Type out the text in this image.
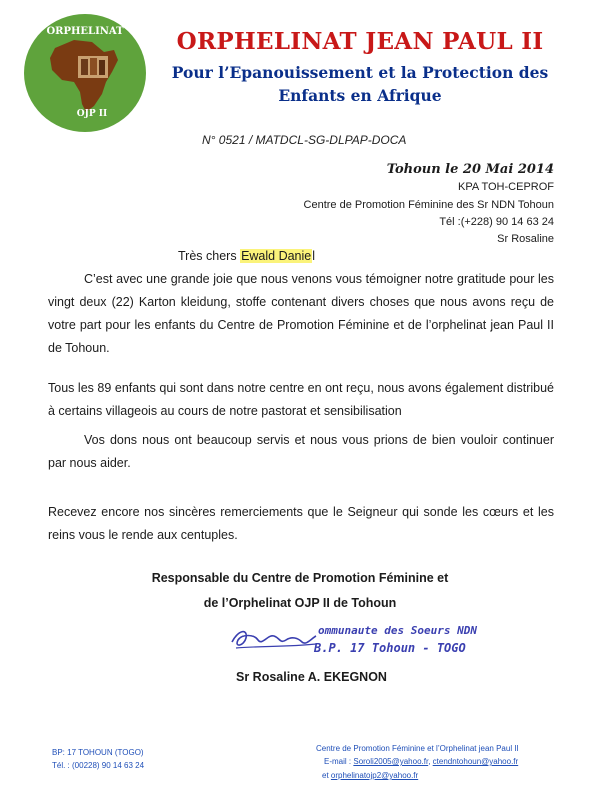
ORPHELINAT
OJP II
ORPHELINAT JEAN PAUL II
Pour l’Epanouissement et la Protection des
Enfants en Afrique
N° 0521 / MATDCL-SG-DLPAP-DOCA
Tohoun le 20 Mai 2014
KPA TOH-CEPROF
Centre de Promotion Féminine des Sr NDN Tohoun
Tél :(+228) 90 14 63 24
Sr Rosaline
Très chers Ewald Daniel
C’est avec une grande joie que nous venons vous témoigner notre gratitude pour les vingt deux (22) Karton kleidung, stoffe contenant divers choses que nous avons reçu de votre part pour les enfants du Centre de Promotion Féminine et de l’orphelinat jean Paul II de Tohoun.
Tous les 89 enfants qui sont dans notre centre en ont reçu, nous avons également distribué à certains villageois au cours de notre pastorat et sensibilisation
Vos dons nous ont beaucoup servis et nous vous prions de bien vouloir continuer par nous aider.
Recevez encore nos sincères remerciements que le Seigneur qui sonde les cœurs et les reins vous le rende aux centuples.
Responsable du Centre de Promotion Féminine et
de l’Orphelinat OJP II de Tohoun
ommunaute des Soeurs NDN
B.P. 17 Tohoun - TOGO
Sr Rosaline A. EKEGNON
BP: 17 TOHOUN (TOGO)
Tél. : (00228) 90 14 63 24
Centre de Promotion Féminine et l’Orphelinat jean Paul II
E-mail : Soroli2005@yahoo.fr, ctendntohoun@yahoo.fr
et orphelinatojp2@yahoo.fr
